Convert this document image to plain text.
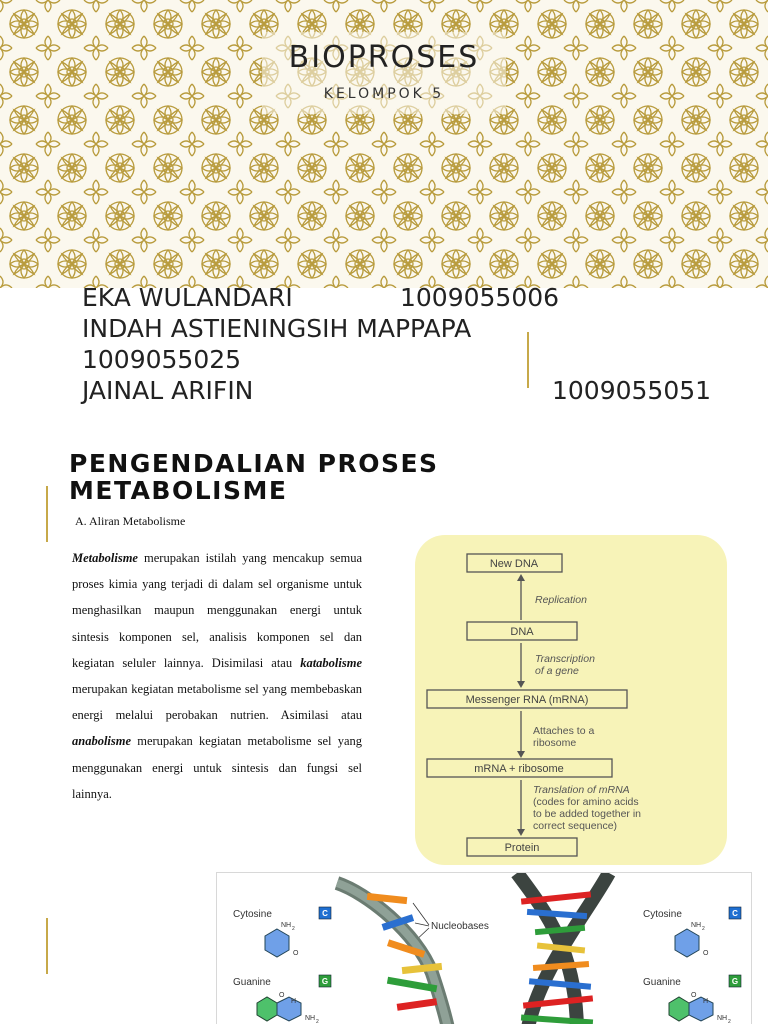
BIOPROSES
KELOMPOK 5
EKA WULANDARI	1009055006
INDAH ASTIENINGSIH MAPPAPA
1009055025
JAINAL ARIFIN	1009055051
PENGENDALIAN PROSES
METABOLISME
A. Aliran Metabolisme
Metabolisme merupakan istilah yang mencakup semua proses kimia yang terjadi di dalam sel organisme untuk menghasilkan maupun menggunakan energi untuk sintesis komponen sel, analisis komponen sel dan kegiatan seluler lainnya. Disimilasi atau katabolisme merupakan kegiatan metabolisme sel yang membebaskan energi melalui perobakan nutrien. Asimilasi atau anabolisme merupakan kegiatan metabolisme sel yang menggunakan energi untuk sintesis dan fungsi sel lainnya.
New DNA
DNA
Messenger RNA (mRNA)
mRNA + ribosome
Protein
Replication
Transcription
of a gene
Attaches to a
ribosome
Translation of mRNA
(codes for amino acids
to be added together in
correct sequence)
Cytosine
Guanine
Cytosine
Guanine
Nucleobases
C
G
C
G
NH 2	NH 2
O	O
O	O
H	H
NH 2	NH 2
